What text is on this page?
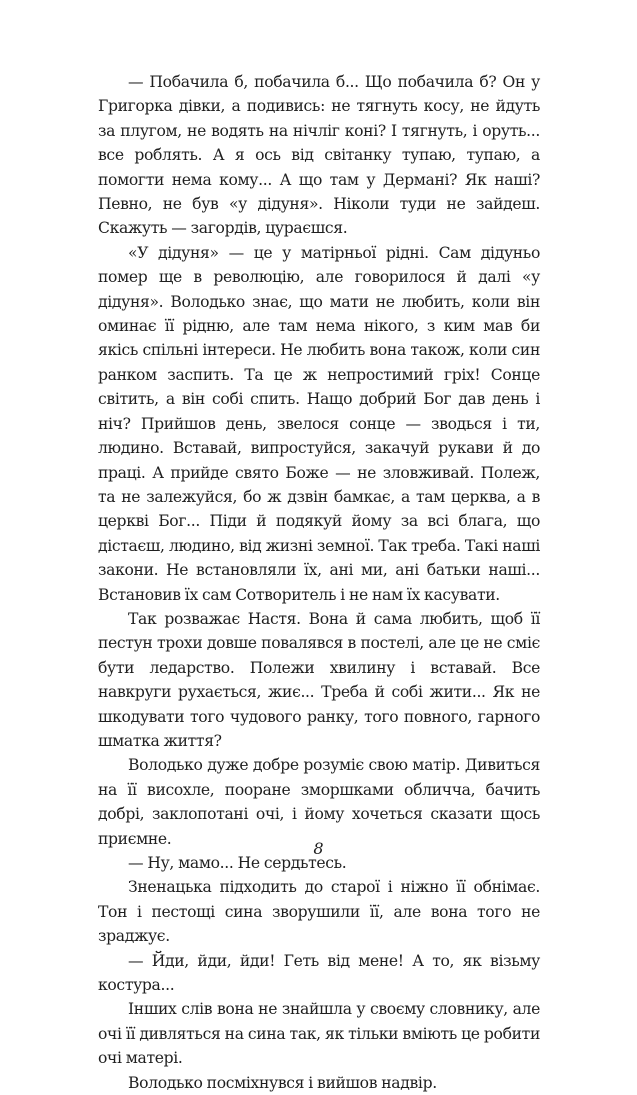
— Побачила б, побачила б... Що побачила б? Он у Григорка дівки, а подивись: не тягнуть косу, не йдуть за плугом, не водять на нічліг коні? І тягнуть, і оруть... все роблять. А я ось від світанку тупаю, тупаю, а помогти нема кому... А що там у Дермані? Як наші? Певно, не був «у дідуня». Ніколи туди не зайдеш. Скажуть — загордів, цураєшся.

«У дідуня» — це у матірньої рідні. Сам дідуньо помер ще в революцію, але говорилося й далі «у дідуня». Володько знає, що мати не любить, коли він оминає її рідню, але там нема нікого, з ким мав би якісь спільні інтереси. Не любить вона також, коли син ранком заспить. Та це ж непростимий гріх! Сонце світить, а він собі спить. Нащо добрий Бог дав день і ніч? Прийшов день, звелося сонце — зводься і ти, людино. Вставай, випростуйся, закачуй рукави й до праці. А прийде свято Боже — не зловживай. Полеж, та не залежуйся, бо ж дзвін бамкає, а там церква, а в церкві Бог... Піди й подякуй йому за всі блага, що дістаєш, людино, від жизні земної. Так треба. Такі наші закони. Не встановляли їх, ані ми, ані батьки наші... Встановив їх сам Сотворитель і не нам їх касувати.

Так розважає Настя. Вона й сама любить, щоб її пестун трохи довше повалявся в постелі, але це не сміє бути ледарство. Полежи хвилину і вставай. Все навкруги рухається, жиє... Треба й собі жити... Як не шкодувати того чудового ранку, того повного, гарного шматка життя?

Володько дуже добре розуміє свою матір. Дивиться на її висохле, пооране зморшками обличча, бачить добрі, заклопотані очі, і йому хочеться сказати щось приємне.

— Ну, мамо... Не сердьтесь.

Зненацька підходить до старої і ніжно її обнімає. Тон і пестощі сина зворушили її, але вона того не зраджує.

— Йди, йди, йди! Геть від мене! А то, як візьму костура...

Інших слів вона не знайшла у своєму словнику, але очі її дивляться на сина так, як тільки вміють це робити очі матері.

Володько посміхнувся і вийшов надвір.

8
